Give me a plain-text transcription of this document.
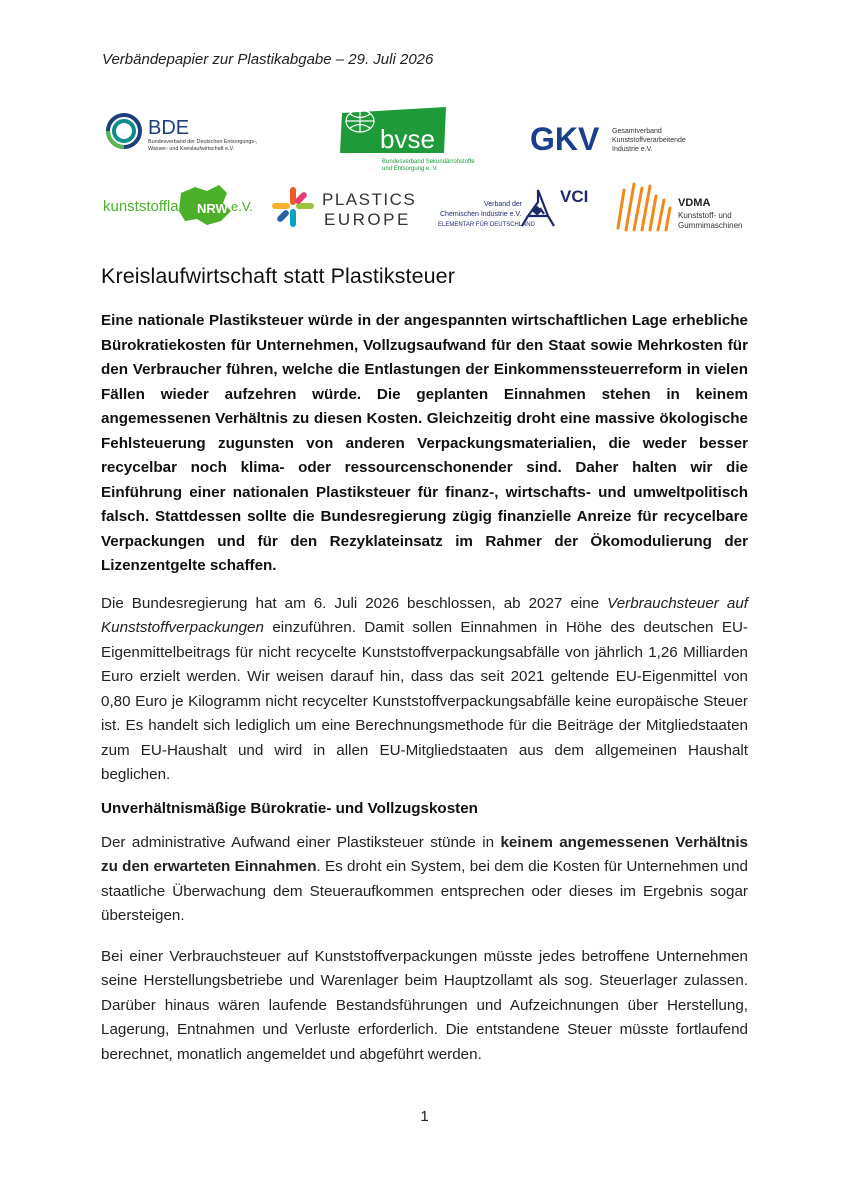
Verbändepapier zur Plastikabgabe – 29. Juli 2026
BDE
Bundesverband der Deutschen Entsorgungs-,
Wasser- und Kreislaufwirtschaft e.V.	bvse
Bundesverband Sekundärrohstoffe
und Entsorgung e. V.
GKV Gesamtverband
Kunststoffverarbeitende
Industrie e.V.
kunststoffland NRW e.V.	PLASTICS
EUROPE
Verband der
Chemischen Industrie e.V.
ELEMENTAR FÜR DEUTSCHLAND
VCI	VDMA
Kunststoff- und
Gummimaschinen
Kreislaufwirtschaft statt Plastiksteuer

Eine nationale Plastiksteuer würde in der angespannten wirtschaftlichen Lage erhebliche Bürokratiekosten für Unternehmen, Vollzugsaufwand für den Staat sowie Mehrkosten für den Verbraucher führen, welche die Entlastungen der Einkommenssteuerreform in vielen Fällen wieder aufzehren würde. Die geplanten Einnahmen stehen in keinem angemessenen Verhältnis zu diesen Kosten. Gleichzeitig droht eine massive ökologische Fehlsteuerung zugunsten von anderen Verpackungsmaterialien, die weder besser recycelbar noch klima- oder ressourcenschonender sind. Daher halten wir die Einführung einer nationalen Plastiksteuer für finanz-, wirtschafts- und umweltpolitisch falsch. Stattdessen sollte die Bundesregierung zügig finanzielle Anreize für recycelbare Verpackungen und für den Rezyklateinsatz im Rahmer der Ökomodulierung der Lizenzentgelte schaffen.

Die Bundesregierung hat am 6. Juli 2026 beschlossen, ab 2027 eine Verbrauchsteuer auf Kunststoffverpackungen einzuführen. Damit sollen Einnahmen in Höhe des deutschen EU-Eigenmittelbeitrags für nicht recycelte Kunststoffverpackungsabfälle von jährlich 1,26 Milliarden Euro erzielt werden. Wir weisen darauf hin, dass das seit 2021 geltende EU-Eigenmittel von 0,80 Euro je Kilogramm nicht recycelter Kunststoffverpackungsabfälle keine europäische Steuer ist. Es handelt sich lediglich um eine Berechnungsmethode für die Beiträge der Mitgliedstaaten zum EU-Haushalt und wird in allen EU-Mitgliedstaaten aus dem allgemeinen Haushalt beglichen.

Unverhältnismäßige Bürokratie- und Vollzugskosten

Der administrative Aufwand einer Plastiksteuer stünde in keinem angemessenen Verhältnis zu den erwarteten Einnahmen. Es droht ein System, bei dem die Kosten für Unternehmen und staatliche Überwachung dem Steueraufkommen entsprechen oder dieses im Ergebnis sogar übersteigen.

Bei einer Verbrauchsteuer auf Kunststoffverpackungen müsste jedes betroffene Unternehmen seine Herstellungsbetriebe und Warenlager beim Hauptzollamt als sog. Steuerlager zulassen. Darüber hinaus wären laufende Bestandsführungen und Aufzeichnungen über Herstellung, Lagerung, Entnahmen und Verluste erforderlich. Die entstandene Steuer müsste fortlaufend berechnet, monatlich angemeldet und abgeführt werden.

1
